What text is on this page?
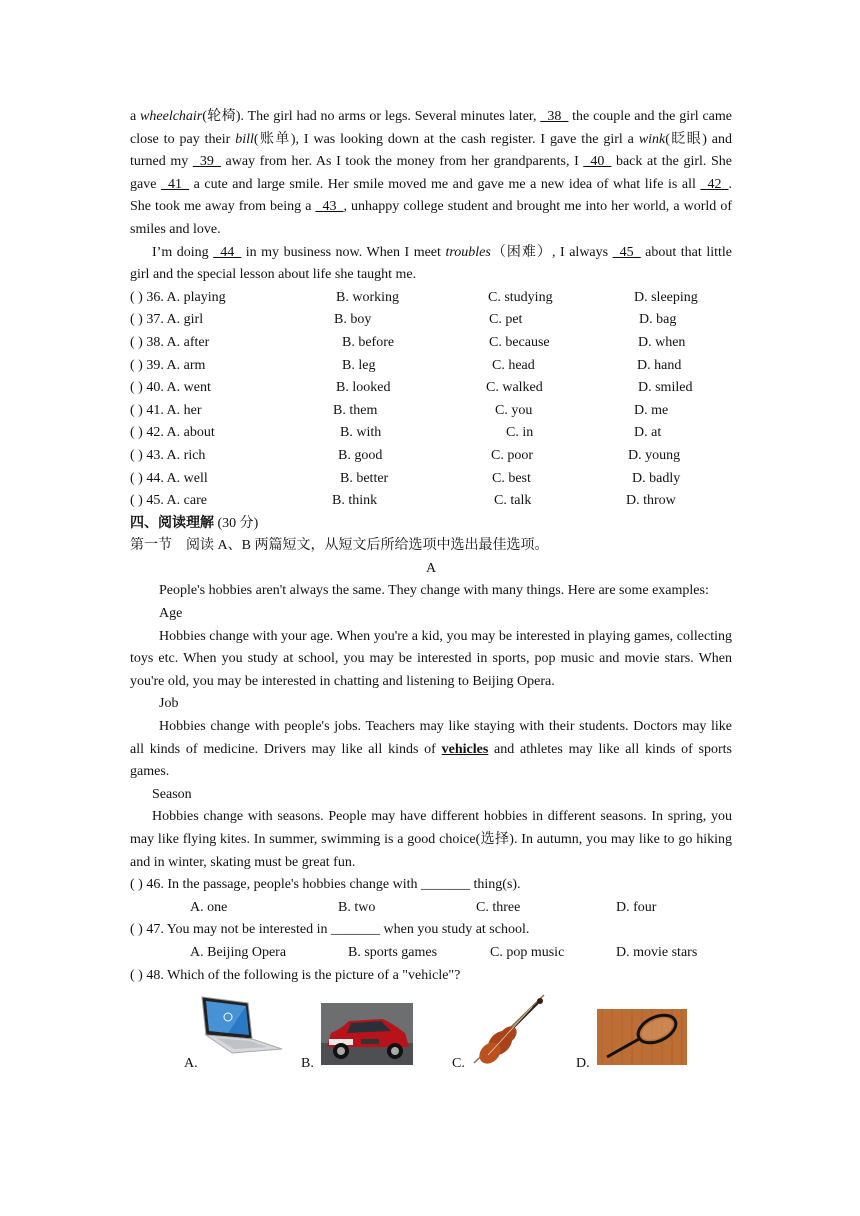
a wheelchair(轮椅). The girl had no arms or legs. Several minutes later, _38_ the couple and the girl came close to pay their bill(账单), I was looking down at the cash register. I gave the girl a wink(眨眼) and turned my _39_ away from her. As I took the money from her grandparents, I _40_ back at the girl. She gave _41_ a cute and large smile. Her smile moved me and gave me a new idea of what life is all _42_. She took me away from being a _43_, unhappy college student and brought me into her world, a world of smiles and love.

I’m doing _44_ in my business now. When I meet troubles（困难）, I always _45_ about that little girl and the special lesson about life she taught me.

( ) 36. A. playing	B. working	C. studying	D. sleeping
( ) 37. A. girl	B. boy	C. pet	D. bag
( ) 38. A. after	B. before	C. because	D. when
( ) 39. A. arm	B. leg	C. head	D. hand
( ) 40. A. went	B. looked	C. walked	D. smiled
( ) 41. A. her	B. them	C. you	D. me
( ) 42. A. about	B. with	C. in	D. at
( ) 43. A. rich	B. good	C. poor	D. young
( ) 44. A. well	B. better	C. best	D. badly
( ) 45. A. care	B. think	C. talk	D. throw

四、阅读理解 (30 分)

第一节　阅读 A、B 两篇短文，从短文后所给选项中选出最佳选项。

A

People's hobbies aren't always the same. They change with many things. Here are some examples:

Age

Hobbies change with your age. When you're a kid, you may be interested in playing games, collecting toys etc. When you study at school, you may be interested in sports, pop music and movie stars. When you're old, you may be interested in chatting and listening to Beijing Opera.

Job

Hobbies change with people's jobs. Teachers may like staying with their students. Doctors may like all kinds of medicine. Drivers may like all kinds of vehicles and athletes may like all kinds of sports games.

Season

Hobbies change with seasons. People may have different hobbies in different seasons. In spring, you may like flying kites. In summer, swimming is a good choice(选择). In autumn, you may like to go hiking and in winter, skating must be great fun.

( ) 46. In the passage, people's hobbies change with _______ thing(s).

A. one	B. two	C. three	D. four

( ) 47. You may not be interested in _______ when you study at school.

A. Beijing Opera	B. sports games	C. pop music	D. movie stars

( ) 48. Which of the following is the picture of a "vehicle"?

A.	B.	C.	D.
